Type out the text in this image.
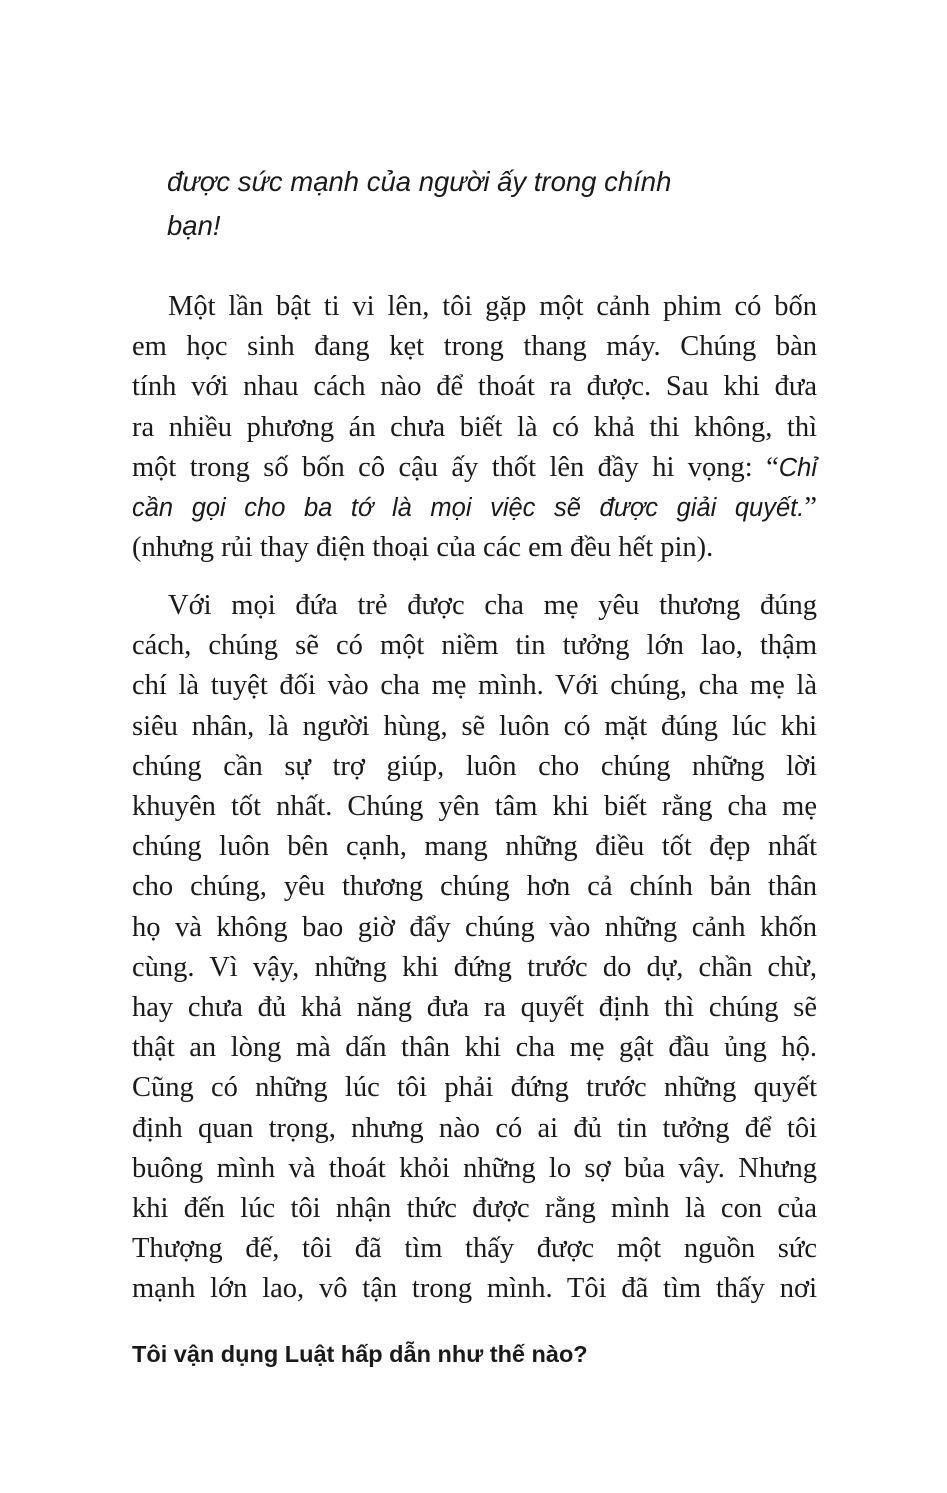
được sức mạnh của người ấy trong chính
bạn!
Một lần bật ti vi lên, tôi gặp một cảnh phim có bốn
em học sinh đang kẹt trong thang máy. Chúng bàn
tính với nhau cách nào để thoát ra được. Sau khi đưa
ra nhiều phương án chưa biết là có khả thi không, thì
một trong số bốn cô cậu ấy thốt lên đầy hi vọng: “Chỉ
cần gọi cho ba tớ là mọi việc sẽ được giải quyết.”
(nhưng rủi thay điện thoại của các em đều hết pin).
Với mọi đứa trẻ được cha mẹ yêu thương đúng
cách, chúng sẽ có một niềm tin tưởng lớn lao, thậm
chí là tuyệt đối vào cha mẹ mình. Với chúng, cha mẹ là
siêu nhân, là người hùng, sẽ luôn có mặt đúng lúc khi
chúng cần sự trợ giúp, luôn cho chúng những lời
khuyên tốt nhất. Chúng yên tâm khi biết rằng cha mẹ
chúng luôn bên cạnh, mang những điều tốt đẹp nhất
cho chúng, yêu thương chúng hơn cả chính bản thân
họ và không bao giờ đẩy chúng vào những cảnh khốn
cùng. Vì vậy, những khi đứng trước do dự, chần chừ,
hay chưa đủ khả năng đưa ra quyết định thì chúng sẽ
thật an lòng mà dấn thân khi cha mẹ gật đầu ủng hộ.
Cũng có những lúc tôi phải đứng trước những quyết
định quan trọng, nhưng nào có ai đủ tin tưởng để tôi
buông mình và thoát khỏi những lo sợ bủa vây. Nhưng
khi đến lúc tôi nhận thức được rằng mình là con của
Thượng đế, tôi đã tìm thấy được một nguồn sức
mạnh lớn lao, vô tận trong mình. Tôi đã tìm thấy nơi
Tôi vận dụng Luật hấp dẫn như thế nào?
